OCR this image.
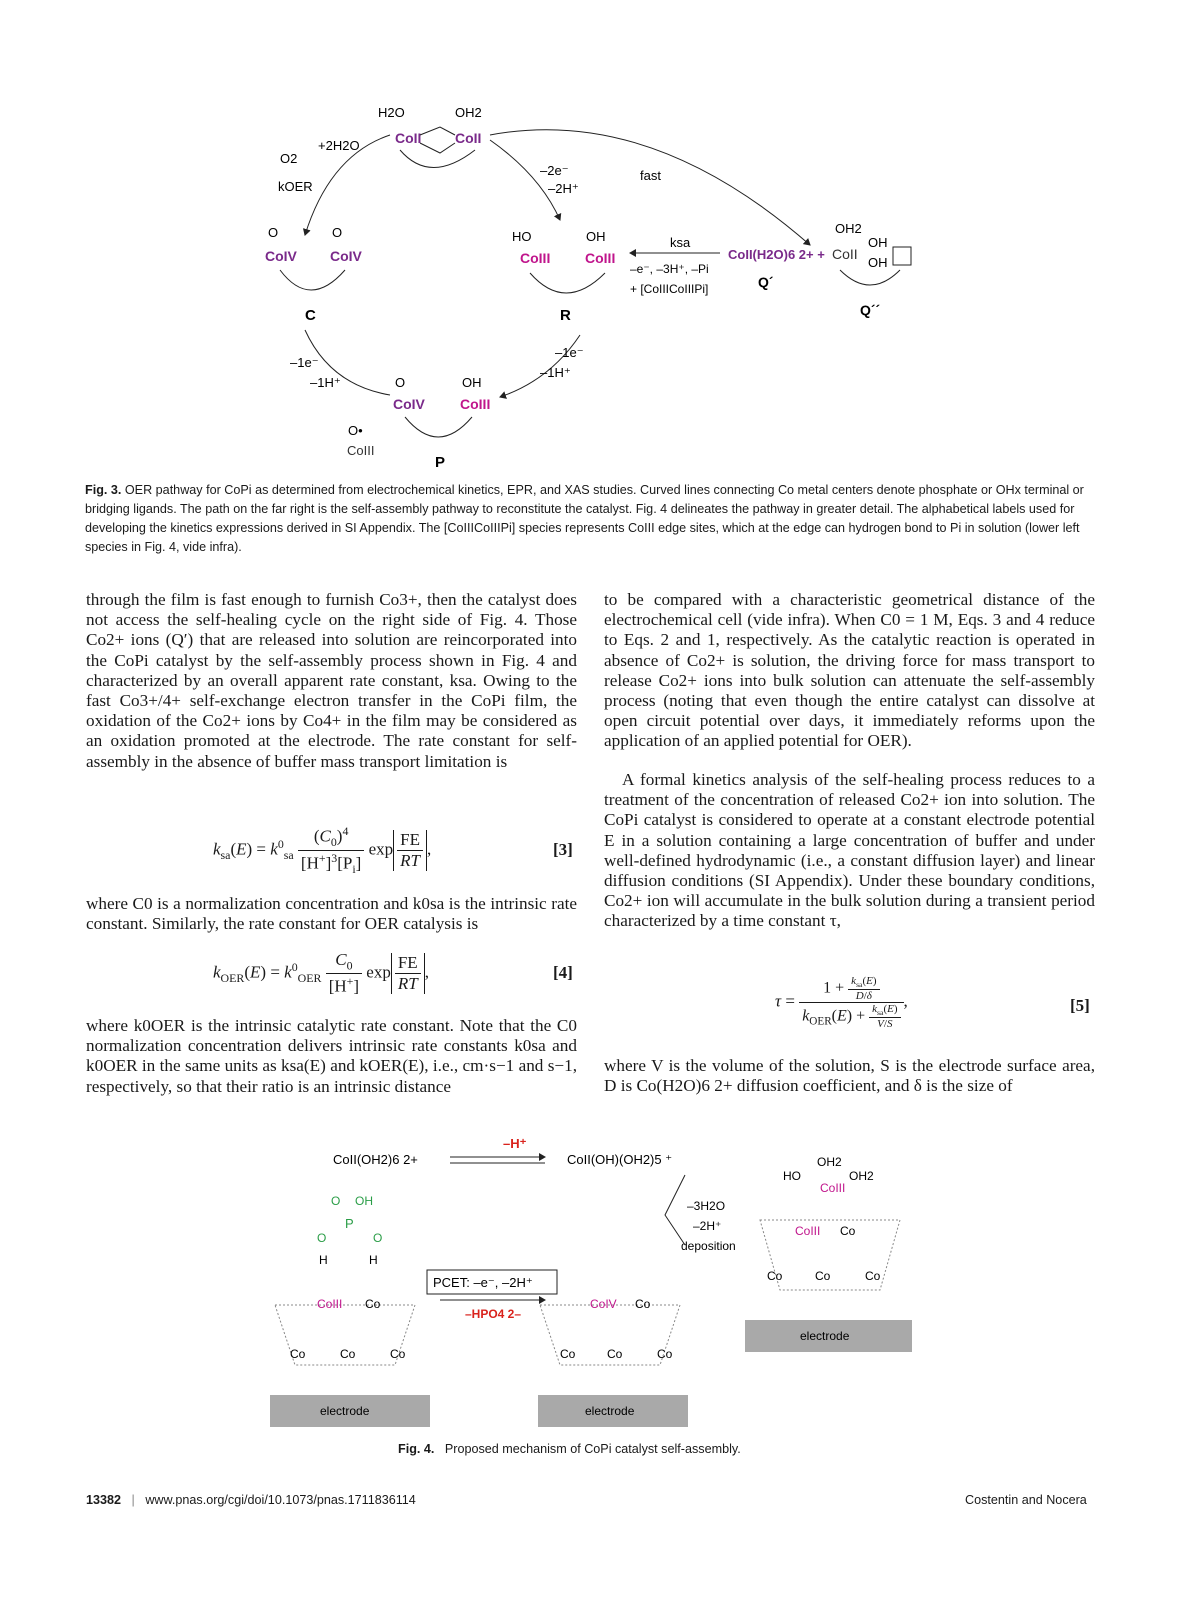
H2O	OH2
CoII CoII
+2H2O
O2
kOER
–2e⁻
–2H⁺
fast
O	O
CoIV CoIV
C
HO	OH
CoIII CoIII
R
ksa
–e⁻, –3H⁺, –Pi
+ [CoIIICoIIIPi]
CoII(H2O)6 2+ +
Q´
OH2
CoII
OH
OH
Q´´
–1e⁻
–1H⁺
–1e⁻
–1H⁺
O	OH
CoIV	CoIII
P
O•
CoIII
Fig. 3. OER pathway for CoPi as determined from electrochemical kinetics, EPR, and XAS studies. Curved lines connecting Co metal centers denote phosphate or OHx terminal or bridging ligands. The path on the far right is the self-assembly pathway to reconstitute the catalyst. Fig. 4 delineates the pathway in greater detail. The alphabetical labels used for developing the kinetics expressions derived in SI Appendix. The [CoIIICoIIIPi] species represents CoIII edge sites, which at the edge can hydrogen bond to Pi in solution (lower left species in Fig. 4, vide infra).

through the film is fast enough to furnish Co3+, then the catalyst does not access the self-healing cycle on the right side of Fig. 4. Those Co2+ ions (Q′) that are released into solution are reincorporated into the CoPi catalyst by the self-assembly process shown in Fig. 4 and characterized by an overall apparent rate constant, ksa. Owing to the fast Co3+/4+ self-exchange electron transfer in the CoPi film, the oxidation of the Co2+ ions by Co4+ in the film may be considered as an oxidation promoted at the electrode. The rate constant for self-assembly in the absence of buffer mass transport limitation is

$k_{sa}(E) = k^0_{sa} \frac{(C_0)^4}{[H^+]^3[P_i]}$ $\exp \frac{FE}{RT}$ ,	[3]

where C0 is a normalization concentration and k0sa is the intrinsic rate constant. Similarly, the rate constant for OER catalysis is

$k_{OER}(E) = k^0_{OER} \frac{C_0}{[H^+]}$ $\exp \frac{FE}{RT}$ ,	[4]

where k0OER is the intrinsic catalytic rate constant. Note that the C0 normalization concentration delivers intrinsic rate constants k0sa and k0OER in the same units as ksa(E) and kOER(E), i.e., cm·s−1 and s−1, respectively, so that their ratio is an intrinsic distance

to be compared with a characteristic geometrical distance of the electrochemical cell (vide infra). When C0 = 1 M, Eqs. 3 and 4 reduce to Eqs. 2 and 1, respectively. As the catalytic reaction is operated in absence of Co2+ is solution, the driving force for mass transport to release Co2+ ions into bulk solution can attenuate the self-assembly process (noting that even though the entire catalyst can dissolve at open circuit potential over days, it immediately reforms upon the application of an applied potential for OER).

A formal kinetics analysis of the self-healing process reduces to a treatment of the concentration of released Co2+ ion into solution. The CoPi catalyst is considered to operate at a constant electrode potential E in a solution containing a large concentration of buffer and under well-defined hydrodynamic (i.e., a constant diffusion layer) and linear diffusion conditions (SI Appendix). Under these boundary conditions, Co2+ ion will accumulate in the bulk solution during a transient period characterized by a time constant τ,

$\tau = \frac{1 + \frac{k_{sa}(E)}{D/\delta}}{k_{OER}(E) + \frac{k_{sa}(E)}{V/S}}$ ,	[5]

where V is the volume of the solution, S is the electrode surface area, D is Co(H2O)6 2+ diffusion coefficient, and δ is the size of

CoII(OH2)6 2+
–H⁺
CoII(OH)(OH2)5 ⁺
–3H2O
–2H⁺
deposition
O OH
P
O	O
H	H
CoIII Co
Co	Co	Co
electrode
PCET: –e⁻, –2H⁺
–HPO4 2–
CoIV Co
Co	Co	Co
electrode
HO
OH2
OH2
CoIII
CoIII Co
Co	Co	Co
electrode
Fig. 4. Proposed mechanism of CoPi catalyst self-assembly.
13382 | www.pnas.org/cgi/doi/10.1073/pnas.1711836114	Costentin and Nocera
